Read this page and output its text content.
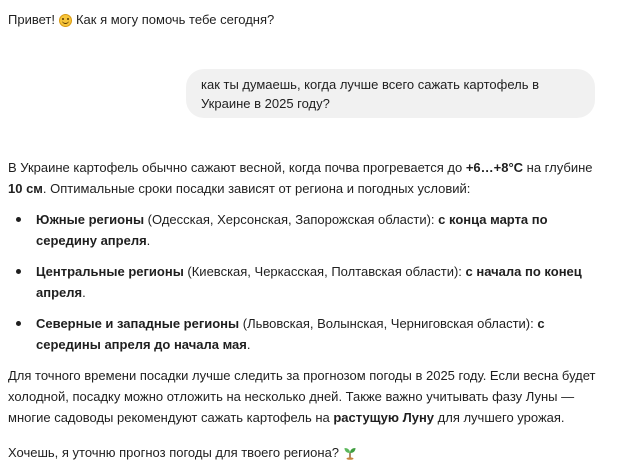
Привет! Как я могу помочь тебе сегодня?
как ты думаешь, когда лучше всего сажать картофель в Украине в 2025 году?

В Украине картофель обычно сажают весной, когда почва прогревается до +6…+8°C на глубине 10 см. Оптимальные сроки посадки зависят от региона и погодных условий:

Южные регионы (Одесская, Херсонская, Запорожская области): с конца марта по середину апреля.
Центральные регионы (Киевская, Черкасская, Полтавская области): с начала по конец апреля.
Северные и западные регионы (Львовская, Волынская, Черниговская области): с середины апреля до начала мая.

Для точного времени посадки лучше следить за прогнозом погоды в 2025 году. Если весна будет холодной, посадку можно отложить на несколько дней. Также важно учитывать фазу Луны — многие садоводы рекомендуют сажать картофель на растущую Луну для лучшего урожая.

Хочешь, я уточню прогноз погоды для твоего региона?
